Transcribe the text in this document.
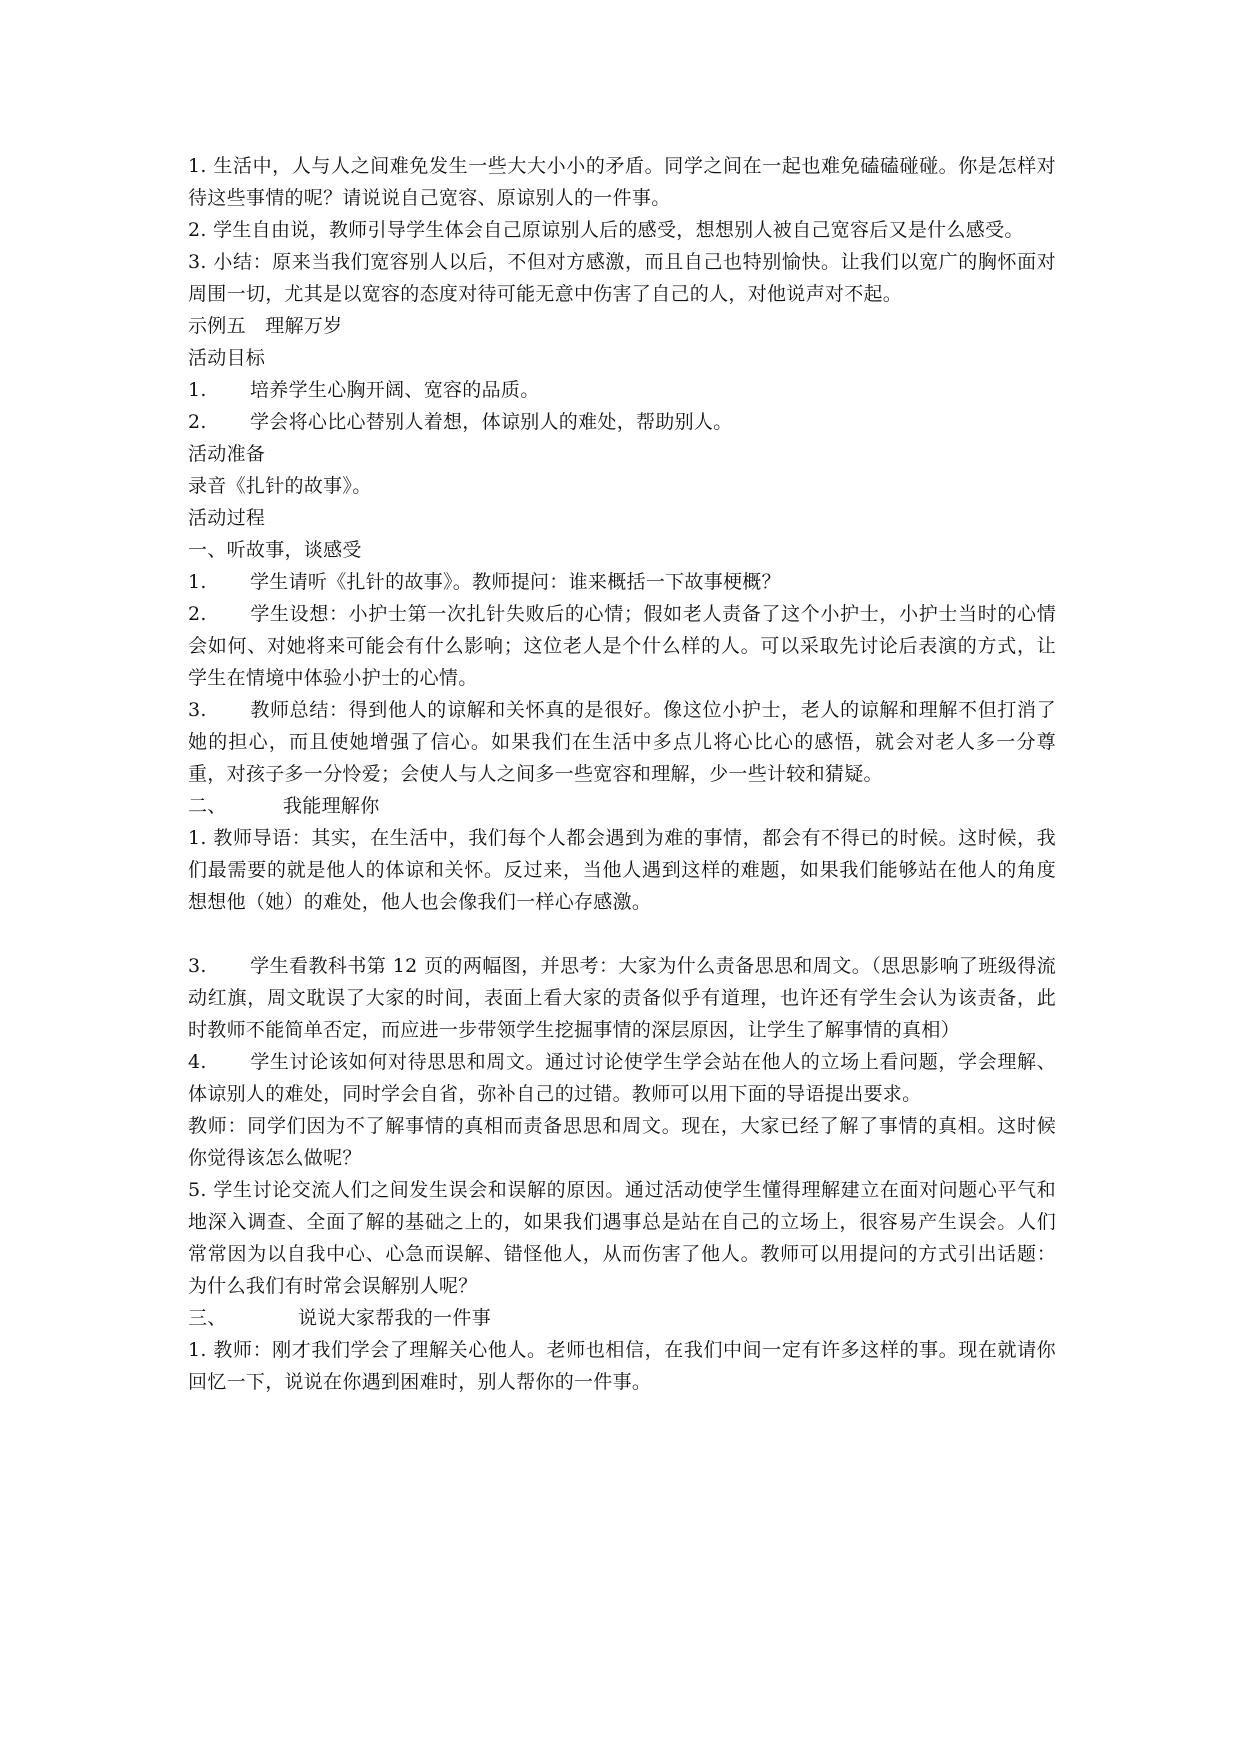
1. 生活中，人与人之间难免发生一些大大小小的矛盾。同学之间在一起也难免磕磕碰碰。你是怎样对待这些事情的呢？请说说自己宽容、原谅别人的一件事。

2. 学生自由说，教师引导学生体会自己原谅别人后的感受，想想别人被自己宽容后又是什么感受。

3. 小结：原来当我们宽容别人以后，不但对方感激，而且自己也特别愉快。让我们以宽广的胸怀面对周围一切，尤其是以宽容的态度对待可能无意中伤害了自己的人，对他说声对不起。

示例五　理解万岁

活动目标

1. 培养学生心胸开阔、宽容的品质。

2. 学会将心比心替别人着想，体谅别人的难处，帮助别人。

活动准备

录音《扎针的故事》。

活动过程

一、听故事，谈感受

1. 学生请听《扎针的故事》。教师提问：谁来概括一下故事梗概？

2. 学生设想：小护士第一次扎针失败后的心情；假如老人责备了这个小护士，小护士当时的心情会如何、对她将来可能会有什么影响；这位老人是个什么样的人。可以采取先讨论后表演的方式，让学生在情境中体验小护士的心情。

3. 教师总结：得到他人的谅解和关怀真的是很好。像这位小护士，老人的谅解和理解不但打消了她的担心，而且使她增强了信心。如果我们在生活中多点儿将心比心的感悟，就会对老人多一分尊重，对孩子多一分怜爱；会使人与人之间多一些宽容和理解，少一些计较和猜疑。

二、	我能理解你

1. 教师导语：其实，在生活中，我们每个人都会遇到为难的事情，都会有不得已的时候。这时候，我们最需要的就是他人的体谅和关怀。反过来，当他人遇到这样的难题，如果我们能够站在他人的角度想想他（她）的难处，他人也会像我们一样心存感激。

3. 学生看教科书第 12 页的两幅图，并思考：大家为什么责备思思和周文。（思思影响了班级得流动红旗，周文耽误了大家的时间，表面上看大家的责备似乎有道理，也许还有学生会认为该责备，此时教师不能简单否定，而应进一步带领学生挖掘事情的深层原因，让学生了解事情的真相）

4. 学生讨论该如何对待思思和周文。通过讨论使学生学会站在他人的立场上看问题，学会理解、体谅别人的难处，同时学会自省，弥补自己的过错。教师可以用下面的导语提出要求。

教师：同学们因为不了解事情的真相而责备思思和周文。现在，大家已经了解了事情的真相。这时候你觉得该怎么做呢？

5. 学生讨论交流人们之间发生误会和误解的原因。通过活动使学生懂得理解建立在面对问题心平气和地深入调查、全面了解的基础之上的，如果我们遇事总是站在自己的立场上，很容易产生误会。人们常常因为以自我中心、心急而误解、错怪他人，从而伤害了他人。教师可以用提问的方式引出话题：为什么我们有时常会误解别人呢？

三、	说说大家帮我的一件事

1. 教师：刚才我们学会了理解关心他人。老师也相信，在我们中间一定有许多这样的事。现在就请你回忆一下，说说在你遇到困难时，别人帮你的一件事。
